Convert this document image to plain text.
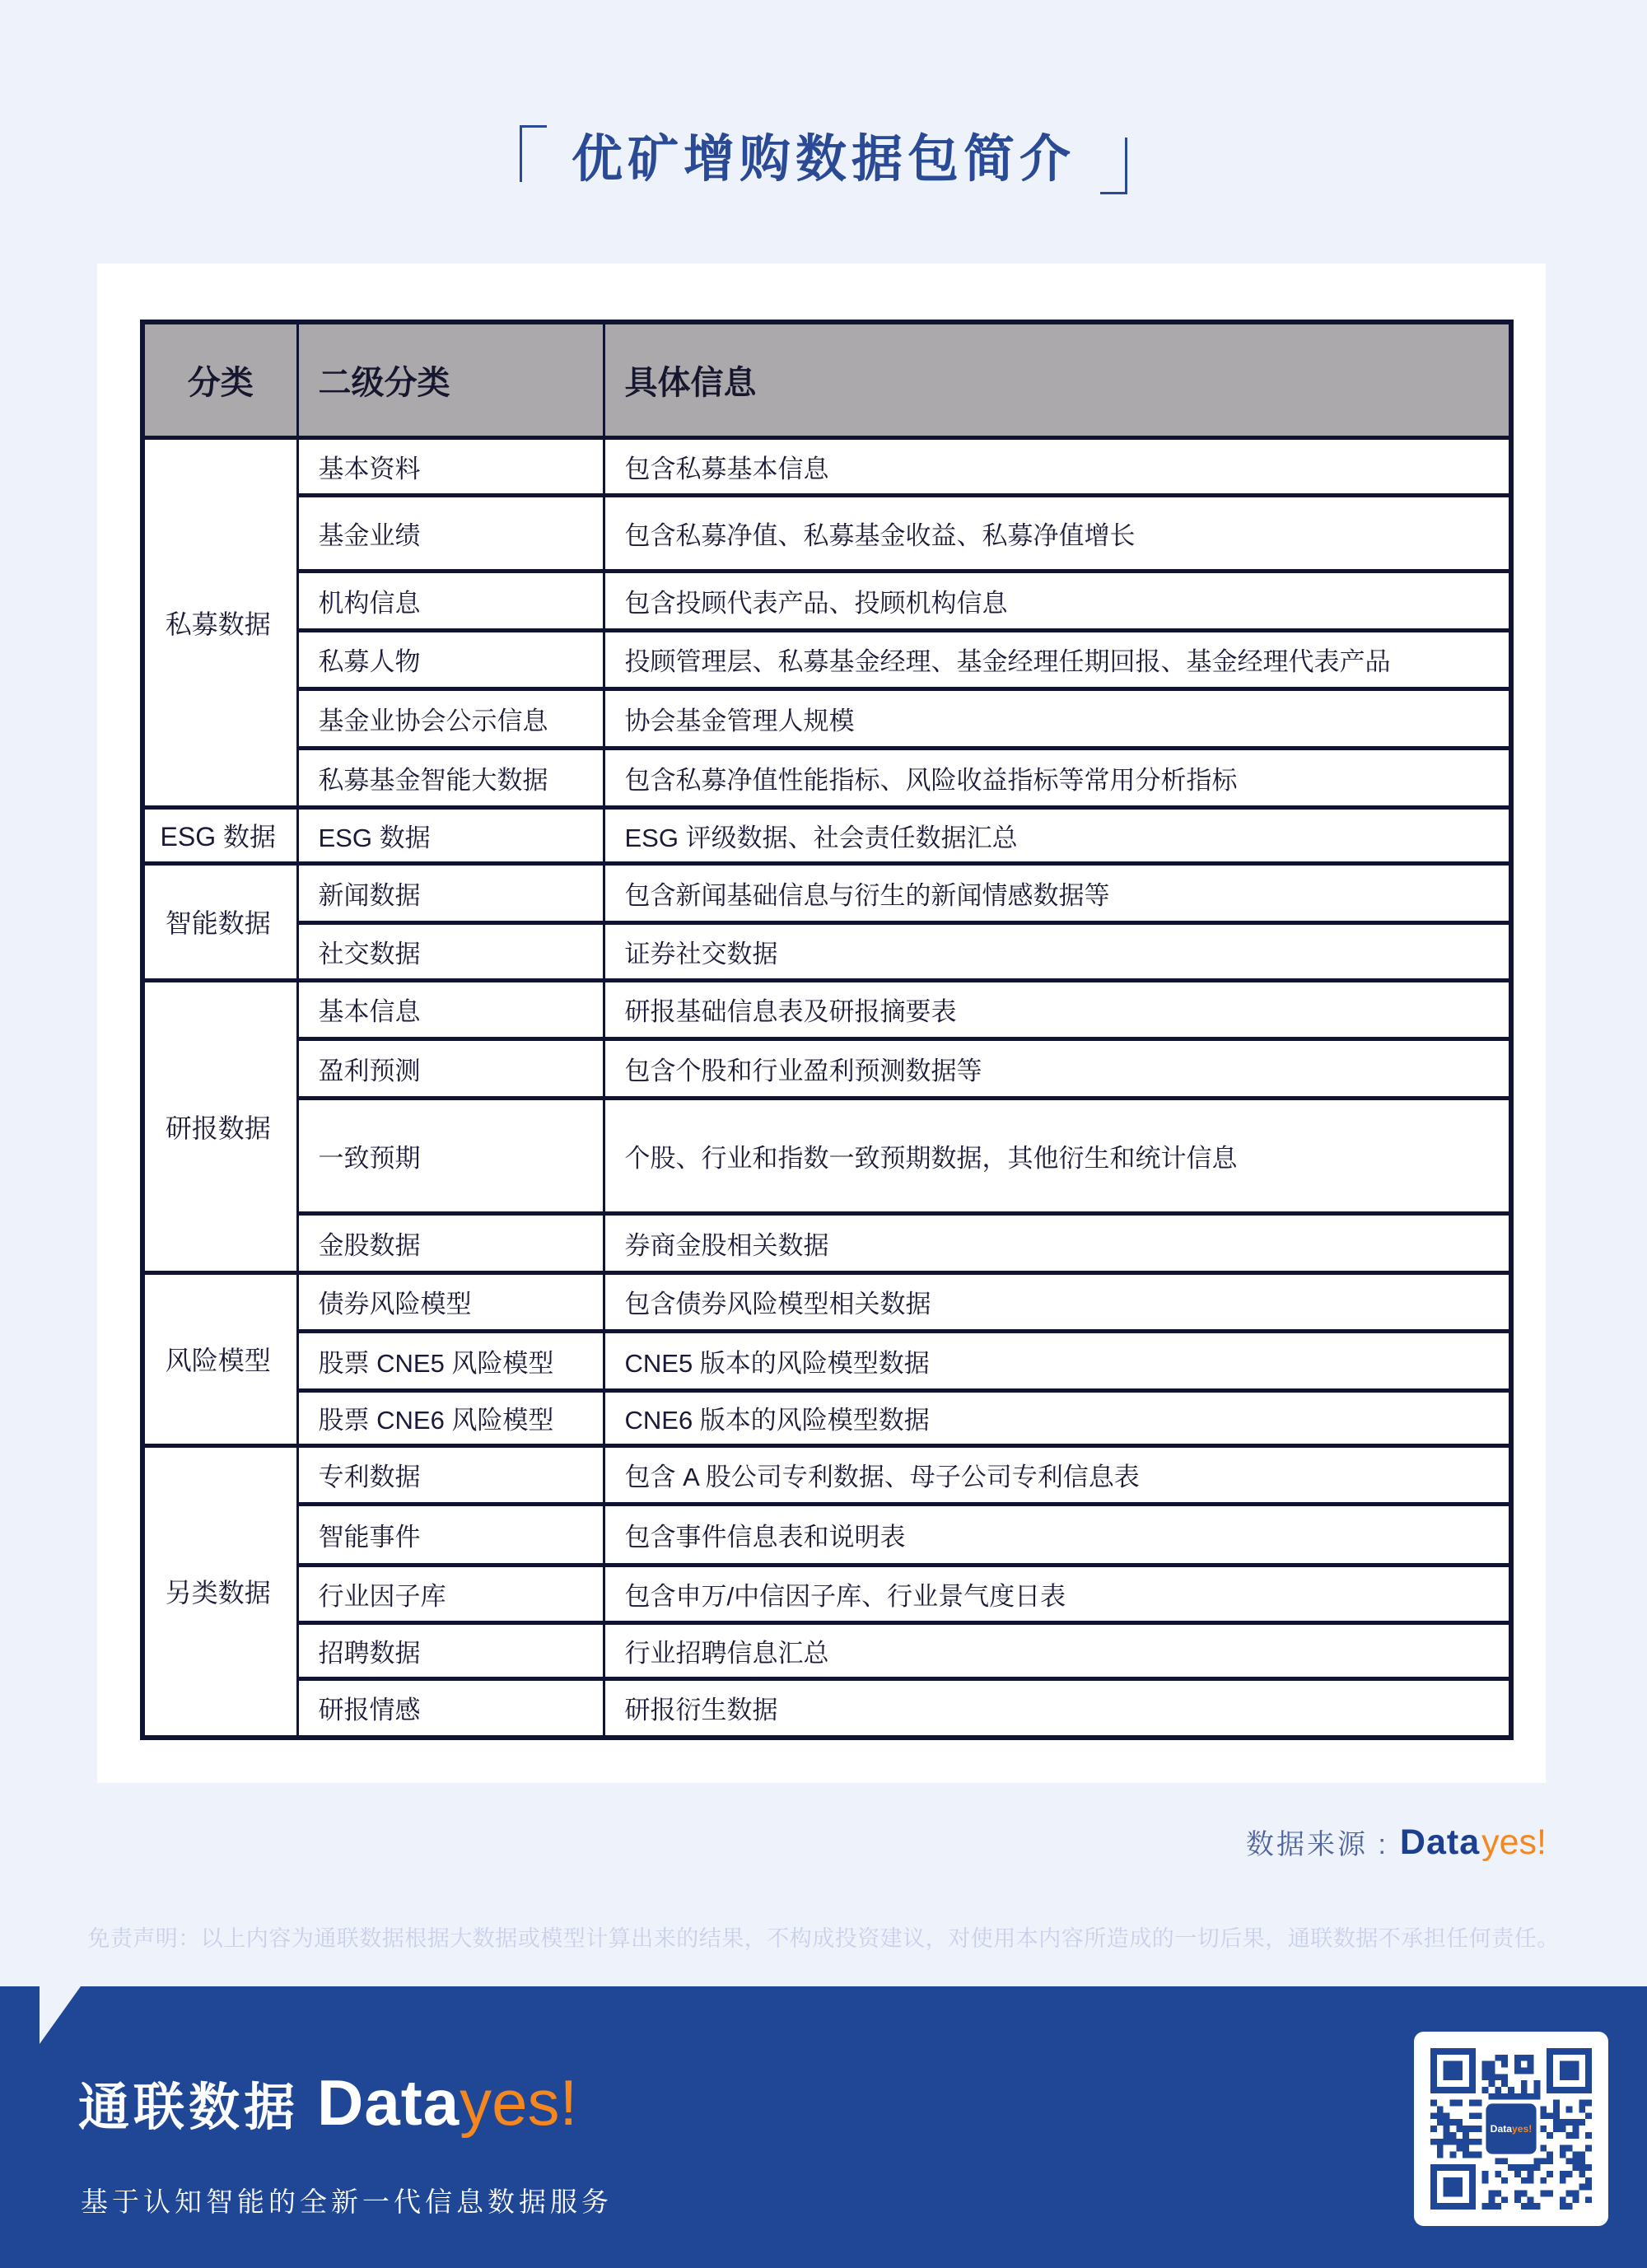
优矿增购数据包简介
分类	二级分类	具体信息
私募数据	基本资料	包含私募基本信息
	基金业绩	包含私募净值、私募基金收益、私募净值增长
	机构信息	包含投顾代表产品、投顾机构信息
	私募人物	投顾管理层、私募基金经理、基金经理任期回报、基金经理代表产品
	基金业协会公示信息	协会基金管理人规模
	私募基金智能大数据	包含私募净值性能指标、风险收益指标等常用分析指标
ESG 数据	ESG 数据	ESG 评级数据、社会责任数据汇总
智能数据	新闻数据	包含新闻基础信息与衍生的新闻情感数据等
	社交数据	证券社交数据
研报数据	基本信息	研报基础信息表及研报摘要表
	盈利预测	包含个股和行业盈利预测数据等
	一致预期	个股、行业和指数一致预期数据，其他衍生和统计信息
	金股数据	券商金股相关数据
风险模型	债券风险模型	包含债券风险模型相关数据
	股票 CNE5 风险模型	CNE5 版本的风险模型数据
	股票 CNE6 风险模型	CNE6 版本的风险模型数据
另类数据	专利数据	包含 A 股公司专利数据、母子公司专利信息表
	智能事件	包含事件信息表和说明表
	行业因子库	包含申万/中信因子库、行业景气度日表
	招聘数据	行业招聘信息汇总
	研报情感	研报衍生数据
数据来源 : Data yes!

免责声明：以上内容为通联数据根据大数据或模型计算出来的结果，不构成投资建议，对使用本内容所造成的一切后果，通联数据不承担任何责任。

通联数据 Data yes!
基于认知智能的全新一代信息数据服务
Datayes!
